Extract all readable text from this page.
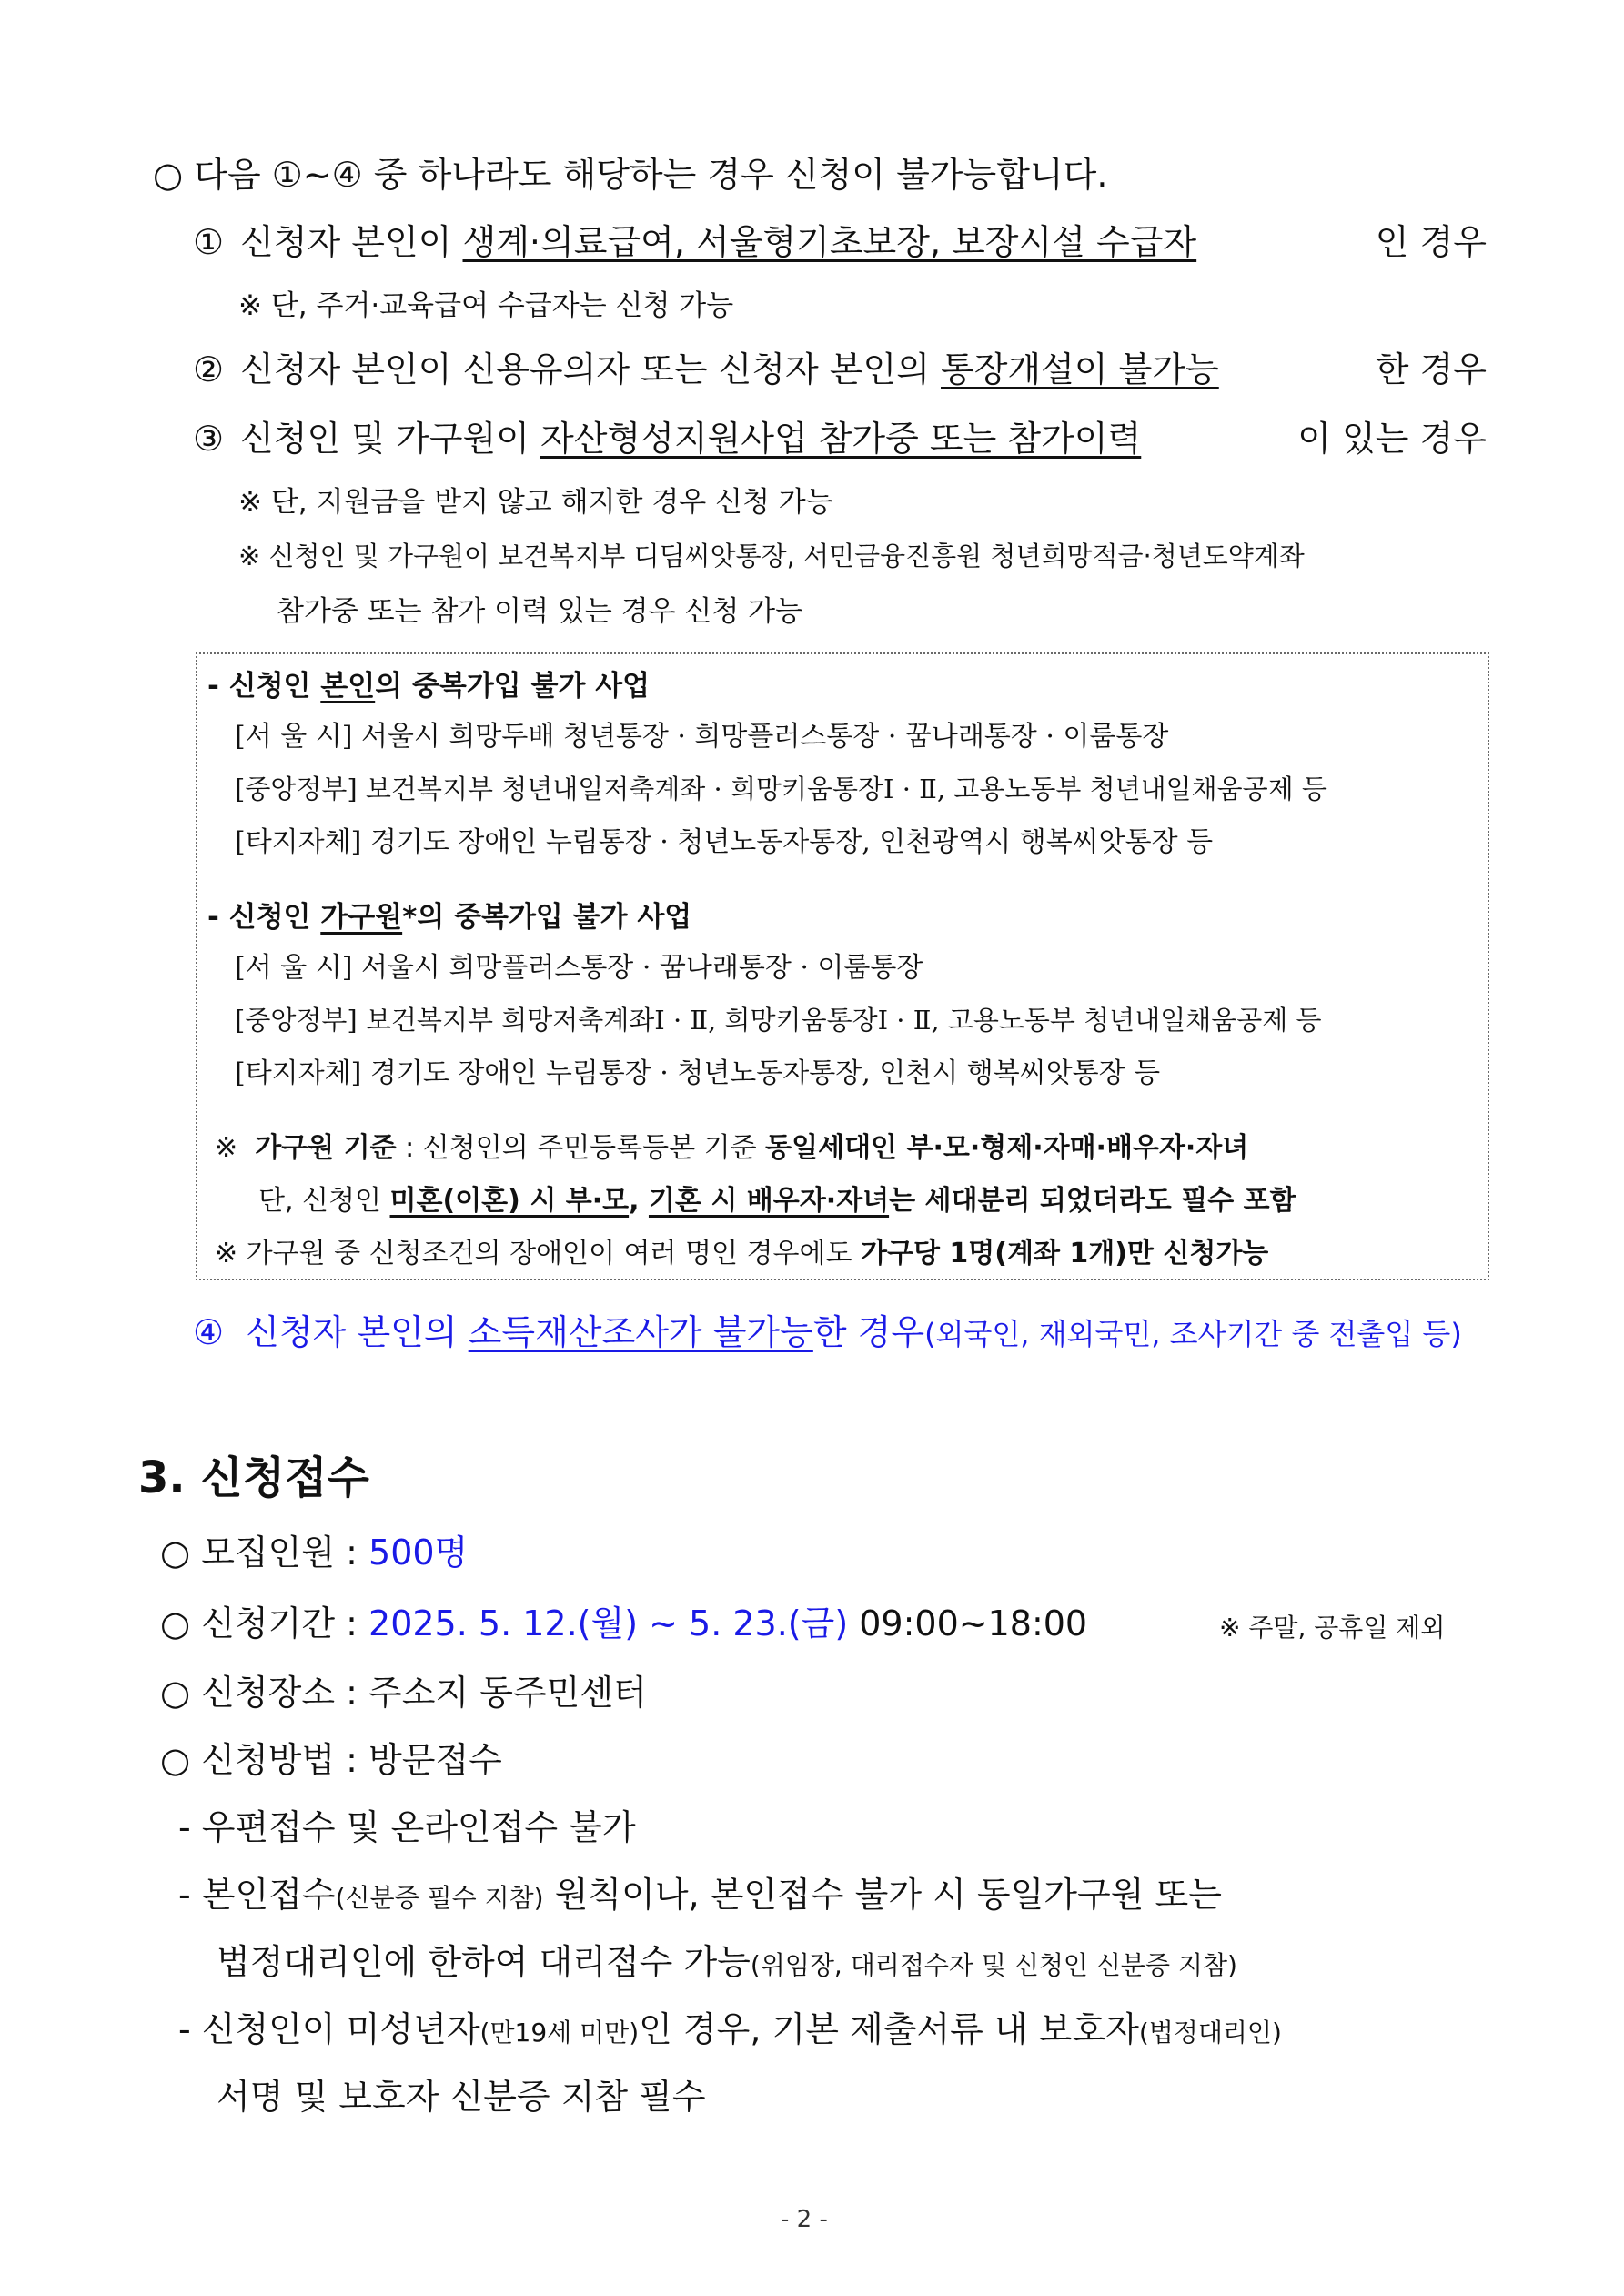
○ 다음 ①~④ 중 하나라도 해당하는 경우 신청이 불가능합니다.
① 신청자 본인이 생계·의료급여, 서울형기초보장, 보장시설 수급자	인 경우
※ 단, 주거·교육급여 수급자는 신청 가능
② 신청자 본인이 신용유의자 또는 신청자 본인의 통장개설이 불가능	한 경우
③ 신청인 및 가구원이 자산형성지원사업 참가중 또는 참가이력	이 있는 경우
※ 단, 지원금을 받지 않고 해지한 경우 신청 가능
※ 신청인 및 가구원이 보건복지부 디딤씨앗통장, 서민금융진흥원 청년희망적금·청년도약계좌
참가중 또는 참가 이력 있는 경우 신청 가능
- 신청인 본인의 중복가입 불가 사업
[서 울 시] 서울시 희망두배 청년통장 · 희망플러스통장 · 꿈나래통장 · 이룸통장
[중앙정부] 보건복지부 청년내일저축계좌 · 희망키움통장Ⅰ · Ⅱ, 고용노동부 청년내일채움공제 등
[타지자체] 경기도 장애인 누림통장 · 청년노동자통장, 인천광역시 행복씨앗통장 등
- 신청인 가구원*의 중복가입 불가 사업
[서 울 시] 서울시 희망플러스통장 · 꿈나래통장 · 이룸통장
[중앙정부] 보건복지부 희망저축계좌Ⅰ · Ⅱ, 희망키움통장Ⅰ · Ⅱ, 고용노동부 청년내일채움공제 등
[타지자체] 경기도 장애인 누림통장 · 청년노동자통장, 인천시 행복씨앗통장 등
※ 가구원 기준 : 신청인의 주민등록등본 기준 동일세대인 부·모·형제·자매·배우자·자녀
단, 신청인 미혼(이혼) 시 부·모, 기혼 시 배우자·자녀는 세대분리 되었더라도 필수 포함
※ 가구원 중 신청조건의 장애인이 여러 명인 경우에도 가구당 1명(계좌 1개)만 신청가능
④ 신청자 본인의 소득재산조사가 불가능한 경우(외국인, 재외국민, 조사기간 중 전출입 등)
3. 신청접수
○ 모집인원 : 500명
○ 신청기간 : 2025. 5. 12.(월) ~ 5. 23.(금) 09:00~18:00	※ 주말, 공휴일 제외
○ 신청장소 : 주소지 동주민센터
○ 신청방법 : 방문접수
- 우편접수 및 온라인접수 불가
- 본인접수(신분증 필수 지참) 원칙이나, 본인접수 불가 시 동일가구원 또는
법정대리인에 한하여 대리접수 가능(위임장, 대리접수자 및 신청인 신분증 지참)
- 신청인이 미성년자(만19세 미만)인 경우, 기본 제출서류 내 보호자(법정대리인)
서명 및 보호자 신분증 지참 필수
- 2 -
